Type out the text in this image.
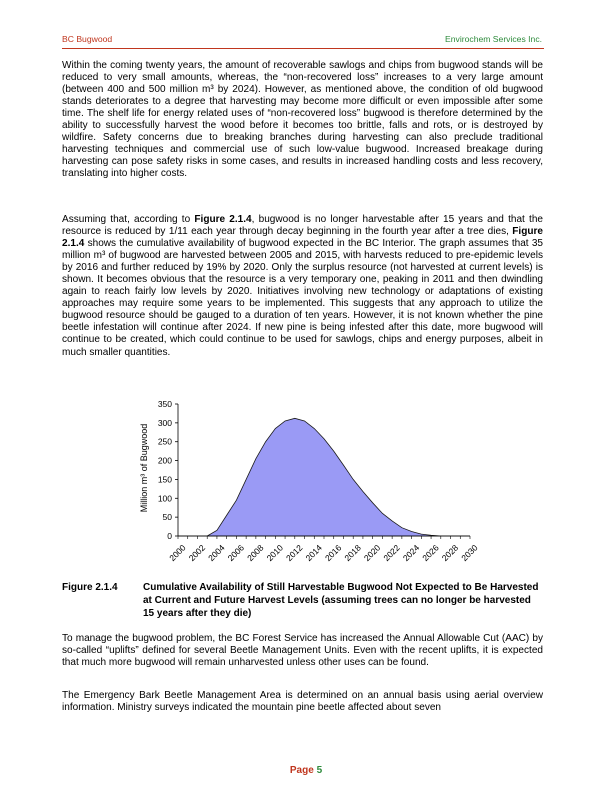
BC Bugwood	Envirochem Services Inc.
Within the coming twenty years, the amount of recoverable sawlogs and chips from bugwood stands will be reduced to very small amounts, whereas, the “non-recovered loss” increases to a very large amount (between 400 and 500 million m³ by 2024). However, as mentioned above, the condition of old bugwood stands deteriorates to a degree that harvesting may become more difficult or even impossible after some time. The shelf life for energy related uses of “non-recovered loss” bugwood is therefore determined by the ability to successfully harvest the wood before it becomes too brittle, falls and rots, or is destroyed by wildfire. Safety concerns due to breaking branches during harvesting can also preclude traditional harvesting techniques and commercial use of such low-value bugwood. Increased breakage during harvesting can pose safety risks in some cases, and results in increased handling costs and less recovery, translating into higher costs.
Assuming that, according to Figure 2.1.4, bugwood is no longer harvestable after 15 years and that the resource is reduced by 1/11 each year through decay beginning in the fourth year after a tree dies, Figure 2.1.4 shows the cumulative availability of bugwood expected in the BC Interior. The graph assumes that 35 million m³ of bugwood are harvested between 2005 and 2015, with harvests reduced to pre-epidemic levels by 2016 and further reduced by 19% by 2020. Only the surplus resource (not harvested at current levels) is shown. It becomes obvious that the resource is a very temporary one, peaking in 2011 and then dwindling again to reach fairly low levels by 2020. Initiatives involving new technology or adaptations of existing approaches may require some years to be implemented. This suggests that any approach to utilize the bugwood resource should be gauged to a duration of ten years. However, it is not known whether the pine beetle infestation will continue after 2024. If new pine is being infested after this date, more bugwood will continue to be created, which could continue to be used for sawlogs, chips and energy purposes, albeit in much smaller quantities.
0
50
100
150
200
250
300
350
2000 2002 2004 2006 2008 2010 2012 2014 2016 2018 2020 2022 2024 2026 2028 2030
Million m³ of Bugwood
Figure 2.1.4	Cumulative Availability of Still Harvestable Bugwood Not Expected to Be Harvested at Current and Future Harvest Levels (assuming trees can no longer be harvested 15 years after they die)
To manage the bugwood problem, the BC Forest Service has increased the Annual Allowable Cut (AAC) by so-called “uplifts” defined for several Beetle Management Units. Even with the recent uplifts, it is expected that much more bugwood will remain unharvested unless other uses can be found.
The Emergency Bark Beetle Management Area is determined on an annual basis using aerial overview information. Ministry surveys indicated the mountain pine beetle affected about seven
Page 5
